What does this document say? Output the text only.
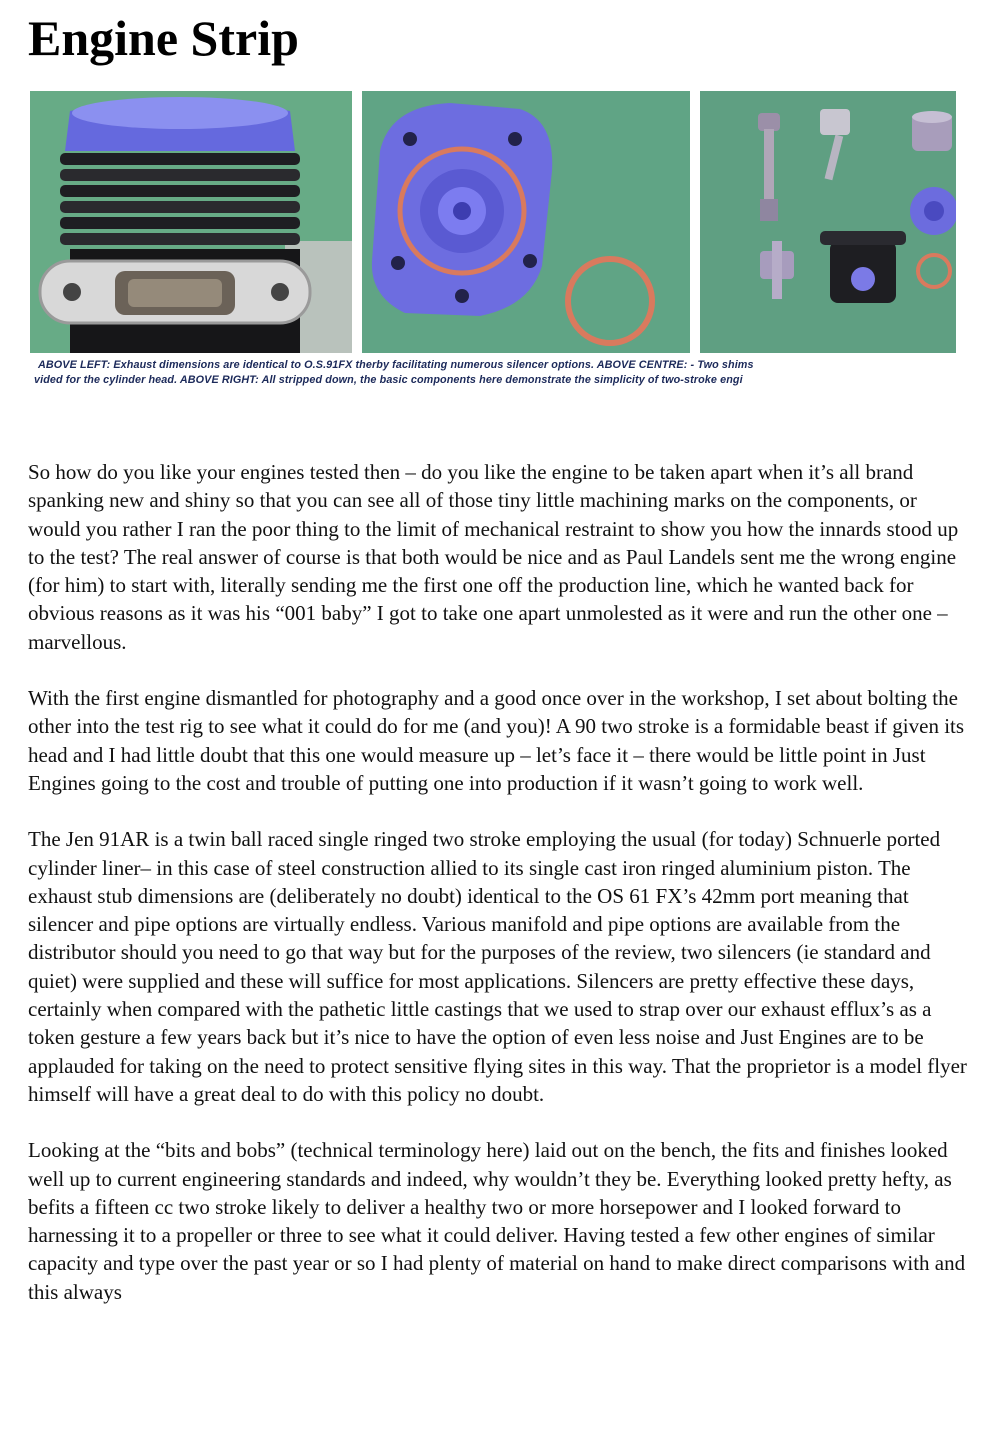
Engine Strip
ABOVE LEFT: Exhaust dimensions are identical to O.S.91FX therby facilitating numerous silencer options. ABOVE CENTRE: - Two shims
vided for the cylinder head. ABOVE RIGHT: All stripped down, the basic components here demonstrate the simplicity of two-stroke engi

So how do you like your engines tested then – do you like the engine to be taken apart when it’s all brand spanking new and shiny so that you can see all of those tiny little machining marks on the components, or would you rather I ran the poor thing to the limit of mechanical restraint to show you how the innards stood up to the test? The real answer of course is that both would be nice and as Paul Landels sent me the wrong engine (for him) to start with, literally sending me the first one off the production line, which he wanted back for obvious reasons as it was his “001 baby” I got to take one apart unmolested as it were and run the other one – marvellous.

With the first engine dismantled for photography and a good once over in the workshop, I set about bolting the other into the test rig to see what it could do for me (and you)! A 90 two stroke is a formidable beast if given its head and I had little doubt that this one would measure up – let’s face it – there would be little point in Just Engines going to the cost and trouble of putting one into production if it wasn’t going to work well.

The Jen 91AR is a twin ball raced single ringed two stroke employing the usual (for today) Schnuerle ported cylinder liner– in this case of steel construction allied to its single cast iron ringed aluminium piston. The exhaust stub dimensions are (deliberately no doubt) identical to the OS 61 FX’s 42mm port meaning that silencer and pipe options are virtually endless. Various manifold and pipe options are available from the distributor should you need to go that way but for the purposes of the review, two silencers (ie standard and quiet) were supplied and these will suffice for most applications. Silencers are pretty effective these days, certainly when compared with the pathetic little castings that we used to strap over our exhaust efflux’s as a token gesture a few years back but it’s nice to have the option of even less noise and Just Engines are to be applauded for taking on the need to protect sensitive flying sites in this way. That the proprietor is a model flyer himself will have a great deal to do with this policy no doubt.

Looking at the “bits and bobs” (technical terminology here) laid out on the bench, the fits and finishes looked well up to current engineering standards and indeed, why wouldn’t they be. Everything looked pretty hefty, as befits a fifteen cc two stroke likely to deliver a healthy two or more horsepower and I looked forward to harnessing it to a propeller or three to see what it could deliver. Having tested a few other engines of similar capacity and type over the past year or so I had plenty of material on hand to make direct comparisons with and this always
